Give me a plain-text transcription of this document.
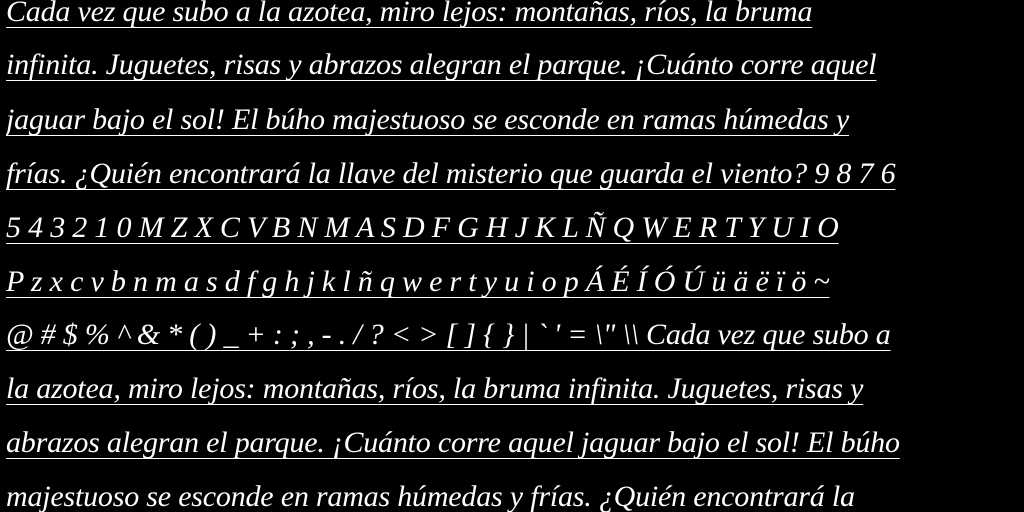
Cada vez que subo a la azotea, miro lejos: montañas, ríos, la bruma
infinita. Juguetes, risas y abrazos alegran el parque. ¡Cuánto corre aquel
jaguar bajo el sol! El búho majestuoso se esconde en ramas húmedas y
frías. ¿Quién encontrará la llave del misterio que guarda el viento? 9 8 7 6
5 4 3 2 1 0 M Z X C V B N M A S D F G H J K L Ñ Q W E R T Y U I O
P z x c v b n m a s d f g h j k l ñ q w e r t y u i o p Á É Í Ó Ú ü ä ë ï ö ~
@ # $ % ^ & * ( ) _ + : ; , - . / ? < > [ ] { } | ` ' = \" \\ Cada vez que subo a
la azotea, miro lejos: montañas, ríos, la bruma infinita. Juguetes, risas y
abrazos alegran el parque. ¡Cuánto corre aquel jaguar bajo el sol! El búho
majestuoso se esconde en ramas húmedas y frías. ¿Quién encontrará la
